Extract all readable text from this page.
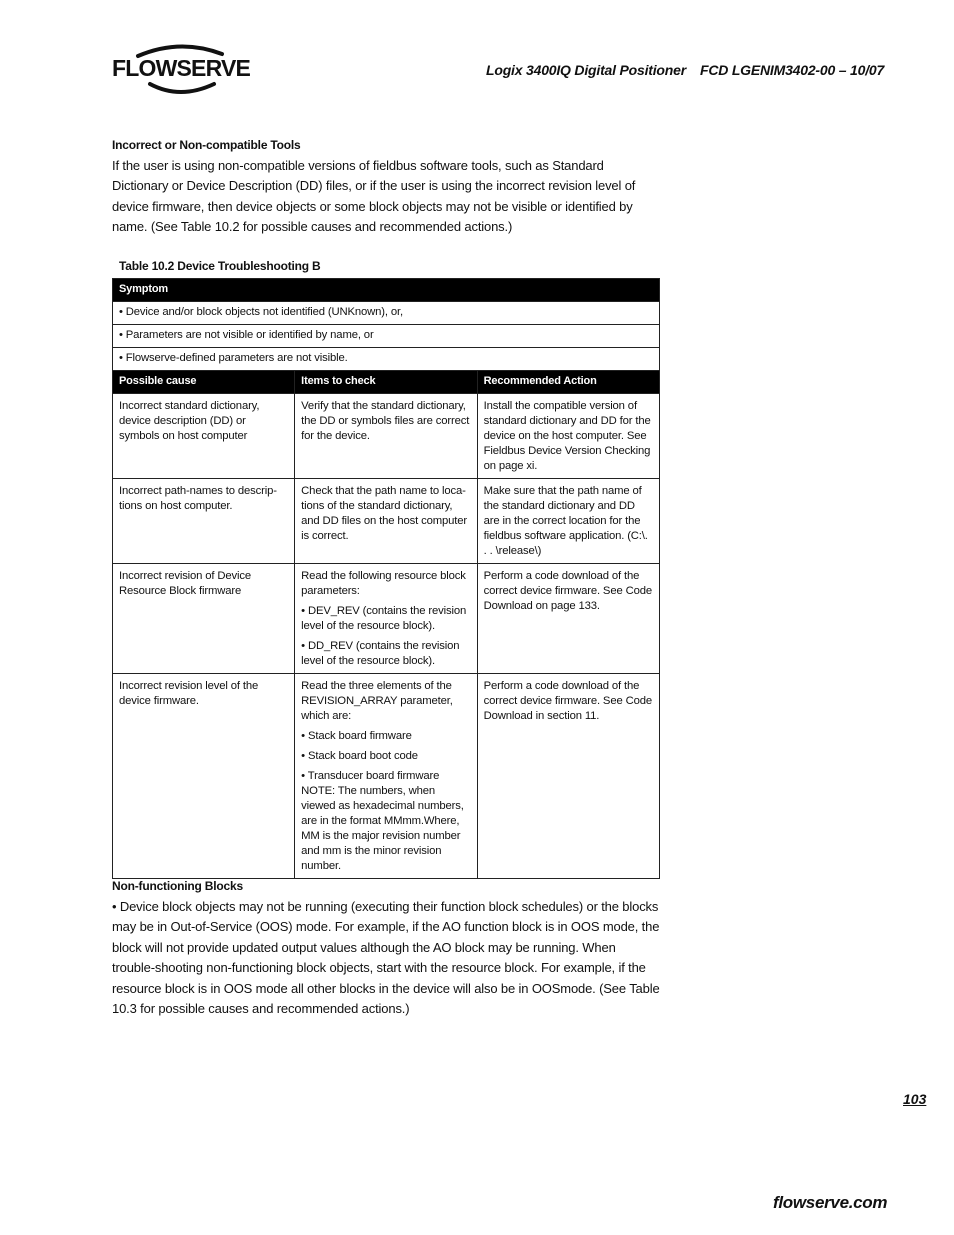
FLOWSERVE	Logix 3400IQ Digital Positioner FCD LGENIM3402-00 – 10/07

Incorrect or Non-compatible Tools

If the user is using non-compatible versions of fieldbus software tools, such as Standard Dictionary or Device Description (DD) files, or if the user is using the incorrect revision level of device firmware, then device objects or some block objects may not be visible or identified by name. (See Table 10.2 for possible causes and recommended actions.)

Table 10.2 Device Troubleshooting B
Symptom		
• Device and/or block objects not identified (UNKnown), or,		
• Parameters are not visible or identified by name, or		
• Flowserve-defined parameters are not visible.		
Possible cause	Items to check	Recommended Action
Incorrect standard dictionary, device description (DD) or symbols on host computer	Verify that the standard dictionary, the DD or symbols files are correct for the device.	Install the compatible version of standard dictionary and DD for the device on the host computer. See Fieldbus Device Version Checking on page xi.
Incorrect path-names to descrip-tions on host computer.	Check that the path name to loca-tions of the standard dictionary, and DD files on the host computer is correct.	Make sure that the path name of the standard dictionary and DD are in the correct location for the fieldbus software application. (C:\. . . \release\)
Incorrect revision of Device Resource Block firmware	Read the following resource block parameters:

• DEV_REV (contains the revision level of the resource block).

• DD_REV (contains the revision level of the resource block).	Perform a code download of the correct device firmware. See Code Download on page 133.
Incorrect revision level of the device firmware.	Read the three elements of the REVISION_ARRAY parameter, which are:

• Stack board firmware

• Stack board boot code

• Transducer board firmware NOTE: The numbers, when viewed as hexadecimal numbers, are in the format MMmm.Where, MM is the major revision number and mm is the minor revision number.	Perform a code download of the correct device firmware. See Code Download in section 11.

Non-functioning Blocks

• Device block objects may not be running (executing their function block schedules) or the blocks may be in Out-of-Service (OOS) mode. For example, if the AO function block is in OOS mode, the block will not provide updated output values although the AO block may be running. When trouble-shooting non-functioning block objects, start with the resource block. For example, if the resource block is in OOS mode all other blocks in the device will also be in OOSmode. (See Table 10.3 for possible causes and recommended actions.)

103
flowserve.com
